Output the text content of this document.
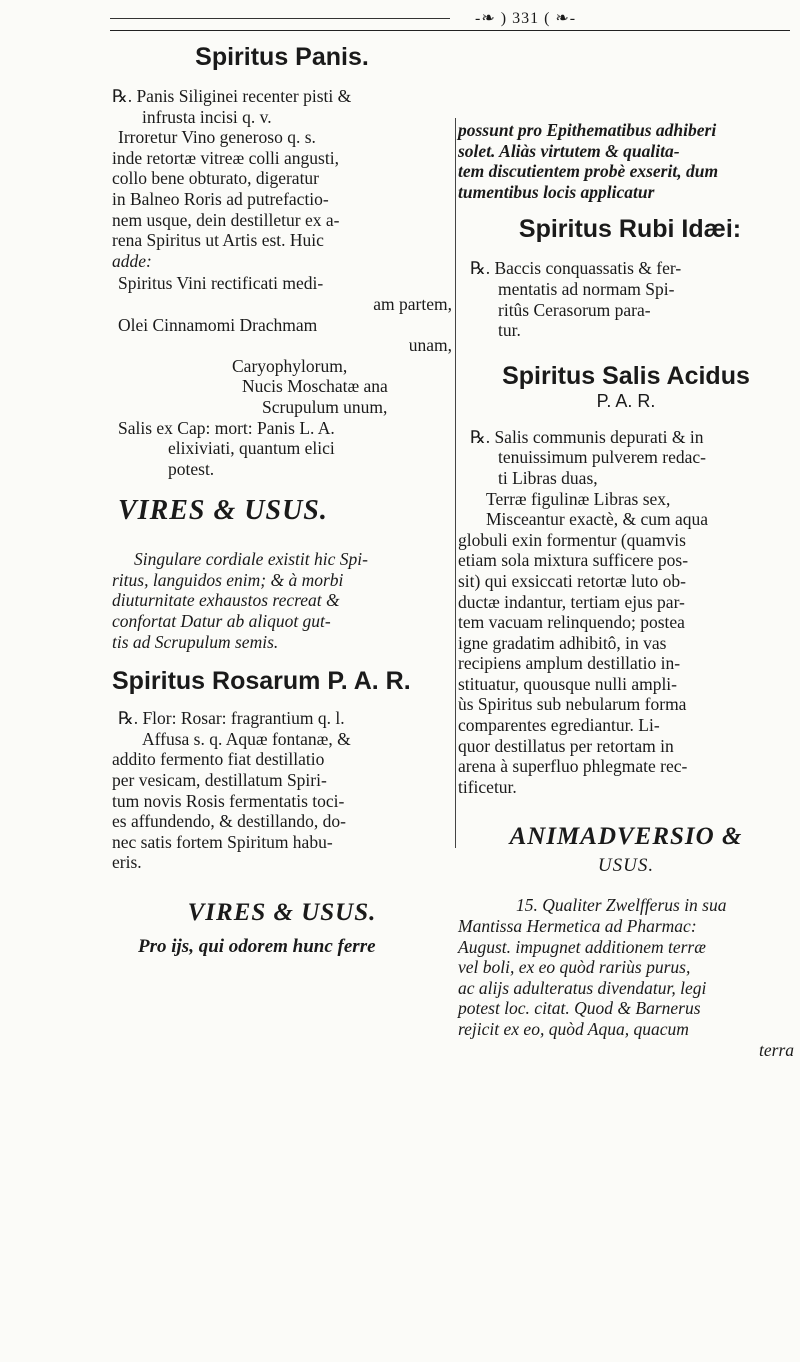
-❧ ) 331 ( ❧-
Spiritus Panis.
℞. Panis Siliginei recenter pisti &
infrusta incisi q. v.
Irroretur Vino generoso q. s.
inde retortæ vitreæ colli angusti,
collo bene obturato, digeratur
in Balneo Roris ad putrefactio-
nem usque, dein destilletur ex a-
rena Spiritus ut Artis est. Huic
adde:
Spiritus Vini rectificati medi-
am partem,
Olei Cinnamomi Drachmam
unam,
Caryophylorum,
Nucis Moschatæ ana
Scrupulum unum,
Salis ex Cap: mort: Panis L. A.
elixiviati, quantum elici
potest.
VIRES & USUS.
Singulare cordiale existit hic Spi-
ritus, languidos enim; & à morbi
diuturnitate exhaustos recreat &
confortat Datur ab aliquot gut-
tis ad Scrupulum semis.
Spiritus Rosarum P. A. R.
℞. Flor: Rosar: fragrantium q. l.
Affusa s. q. Aquæ fontanæ, &
addito fermento fiat destillatio
per vesicam, destillatum Spiri-
tum novis Rosis fermentatis toci-
es affundendo, & destillando, do-
nec satis fortem Spiritum habu-
eris.
VIRES & USUS.
Pro ijs, qui odorem hunc ferre
possunt pro Epithematibus adhiberi
solet. Aliàs virtutem & qualita-
tem discutientem probè exserit, dum
tumentibus locis applicatur
Spiritus Rubi Idæi:
℞. Baccis conquassatis & fer-
mentatis ad normam Spi-
ritûs Cerasorum para-
tur.
Spiritus Salis Acidus
P. A. R.
℞. Salis communis depurati & in
tenuissimum pulverem redac-
ti Libras duas,
Terræ figulinæ Libras sex,
Misceantur exactè, & cum aqua
globuli exin formentur (quamvis
etiam sola mixtura sufficere pos-
sit) qui exsiccati retortæ luto ob-
ductæ indantur, tertiam ejus par-
tem vacuam relinquendo; postea
igne gradatim adhibitô, in vas
recipiens amplum destillatio in-
stituatur, quousque nulli ampli-
ùs Spiritus sub nebularum forma
comparentes egrediantur. Li-
quor destillatus per retortam in
arena à superfluo phlegmate rec-
tificetur.
ANIMADVERSIO &
USUS.
15. Qualiter Zwelfferus in sua
Mantissa Hermetica ad Pharmac:
August. impugnet additionem terræ
vel boli, ex eo quòd rariùs purus,
ac alijs adulteratus divendatur, legi
potest loc. citat. Quod & Barnerus
rejicit ex eo, quòd Aqua, quacum
terra
